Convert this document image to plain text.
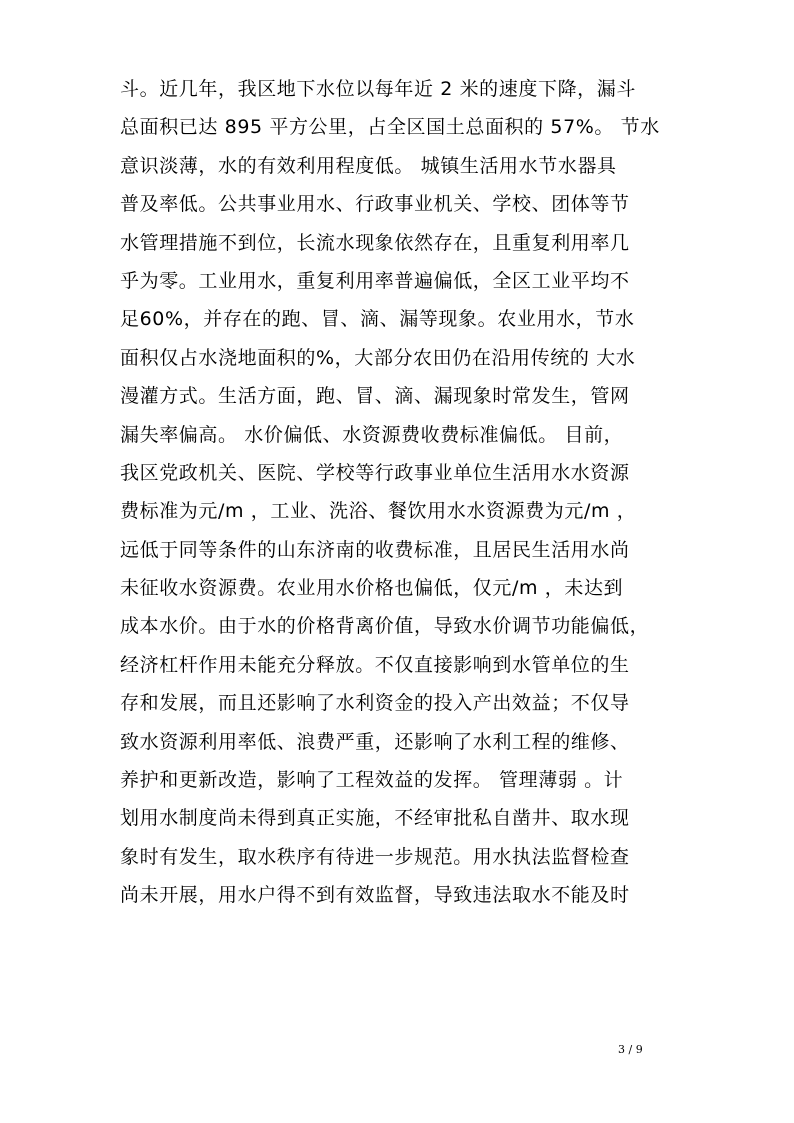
斗。近几年，我区地下水位以每年近 2 米的速度下降，漏斗
总面积已达 895 平方公里，占全区国土总面积的 57%。 节水
意识淡薄，水的有效利用程度低。 城镇生活用水节水器具
普及率低。公共事业用水、行政事业机关、学校、团体等节
水管理措施不到位，长流水现象依然存在，且重复利用率几
乎为零。工业用水，重复利用率普遍偏低，全区工业平均不
足60%，并存在的跑、冒、滴、漏等现象。农业用水，节水
面积仅占水浇地面积的%，大部分农田仍在沿用传统的 大水
漫灌方式。生活方面，跑、冒、滴、漏现象时常发生，管网
漏失率偏高。 水价偏低、水资源费收费标准偏低。 目前，
我区党政机关、医院、学校等行政事业单位生活用水水资源
费标准为元/m ，工业、洗浴、餐饮用水水资源费为元/m ，
远低于同等条件的山东济南的收费标准，且居民生活用水尚
未征收水资源费。农业用水价格也偏低，仅元/m ，未达到
成本水价。由于水的价格背离价值，导致水价调节功能偏低，
经济杠杆作用未能充分释放。不仅直接影响到水管单位的生
存和发展，而且还影响了水利资金的投入产出效益；不仅导
致水资源利用率低、浪费严重，还影响了水利工程的维修、
养护和更新改造，影响了工程效益的发挥。 管理薄弱 。计
划用水制度尚未得到真正实施，不经审批私自凿井、取水现
象时有发生，取水秩序有待进一步规范。用水执法监督检查
尚未开展，用水户得不到有效监督，导致违法取水不能及时
3 / 9
